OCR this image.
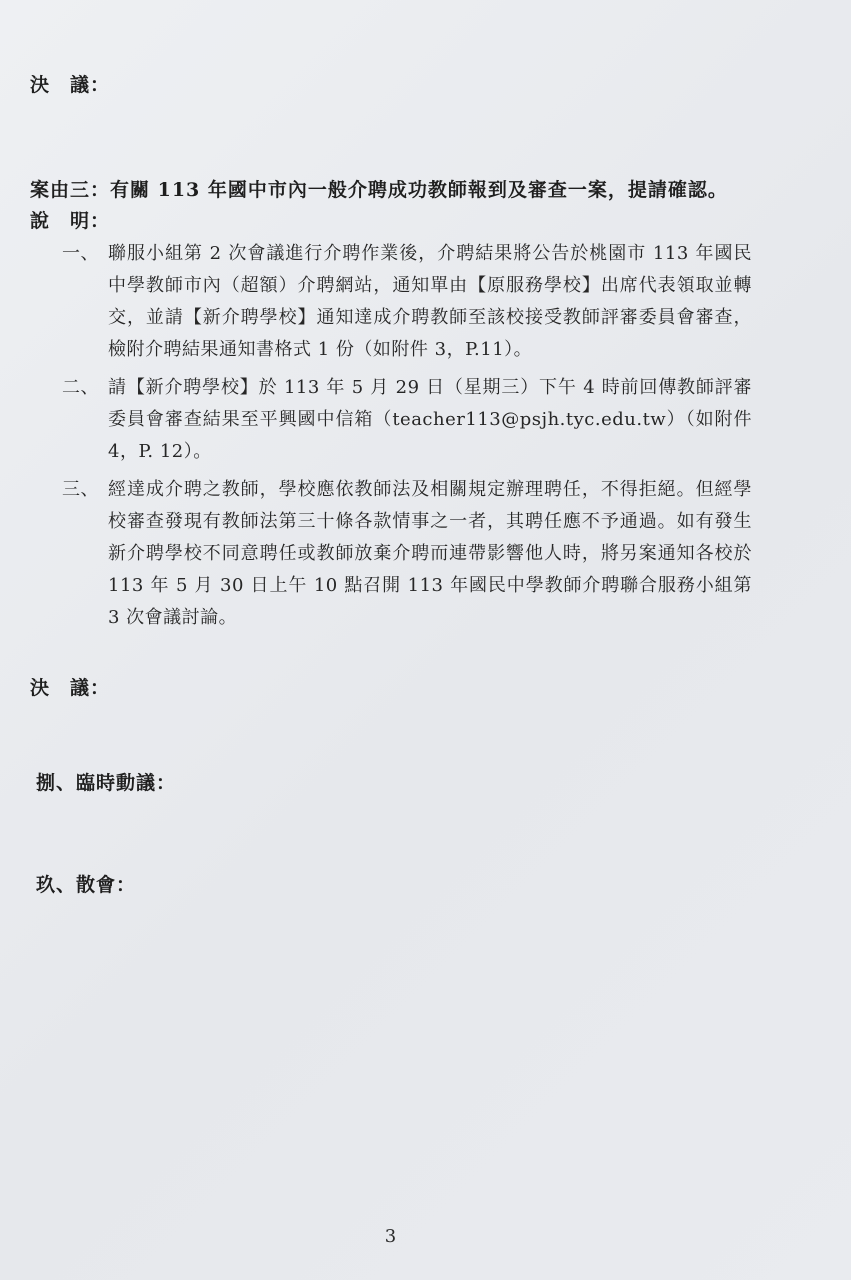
決　議：
案由三：有關 113 年國中市內一般介聘成功教師報到及審查一案，提請確認。
說　明：
一、 聯服小組第 2 次會議進行介聘作業後，介聘結果將公告於桃園市 113 年國民中學教師市內（超額）介聘網站，通知單由【原服務學校】出席代表領取並轉交，並請【新介聘學校】通知達成介聘教師至該校接受教師評審委員會審查，檢附介聘結果通知書格式 1 份（如附件 3，P.11）。
二、 請【新介聘學校】於 113 年 5 月 29 日（星期三）下午 4 時前回傳教師評審委員會審查結果至平興國中信箱（teacher113@psjh.tyc.edu.tw）（如附件 4，P. 12）。
三、 經達成介聘之教師，學校應依教師法及相關規定辦理聘任，不得拒絕。但經學校審查發現有教師法第三十條各款情事之一者，其聘任應不予通過。如有發生新介聘學校不同意聘任或教師放棄介聘而連帶影響他人時，將另案通知各校於 113 年 5 月 30 日上午 10 點召開 113 年國民中學教師介聘聯合服務小組第 3 次會議討論。
決　議：
捌、臨時動議：
玖、散會：
3
